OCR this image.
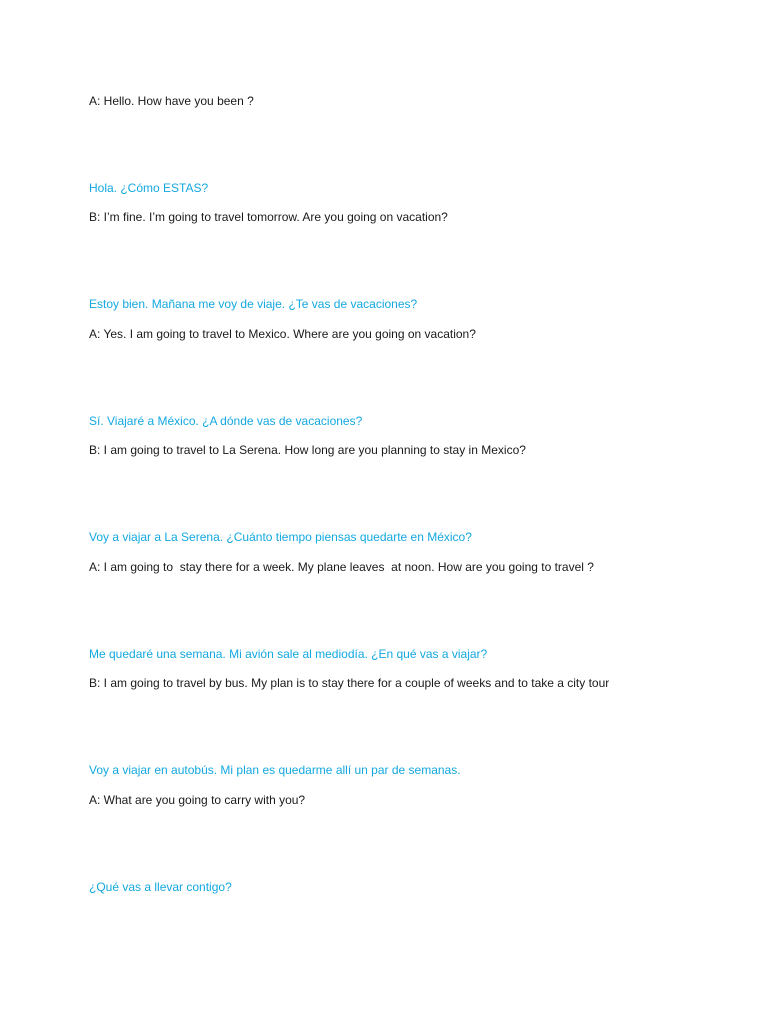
A: Hello. How have you been ?

Hola. ¿Cómo ESTAS?

B: I’m fine. I’m going to travel tomorrow. Are you going on vacation?

Estoy bien. Mañana me voy de viaje. ¿Te vas de vacaciones?

A: Yes. I am going to travel to Mexico. Where are you going on vacation?

Sí. Viajaré a México. ¿A dónde vas de vacaciones?

B: I am going to travel to La Serena. How long are you planning to stay in Mexico?

Voy a viajar a La Serena. ¿Cuánto tiempo piensas quedarte en México?

A: I am going to  stay there for a week. My plane leaves  at noon. How are you going to travel ?

Me quedaré una semana. Mi avión sale al mediodía. ¿En qué vas a viajar?

B: I am going to travel by bus. My plan is to stay there for a couple of weeks and to take a city tour

Voy a viajar en autobús. Mi plan es quedarme allí un par de semanas.

A: What are you going to carry with you?

¿Qué vas a llevar contigo?
